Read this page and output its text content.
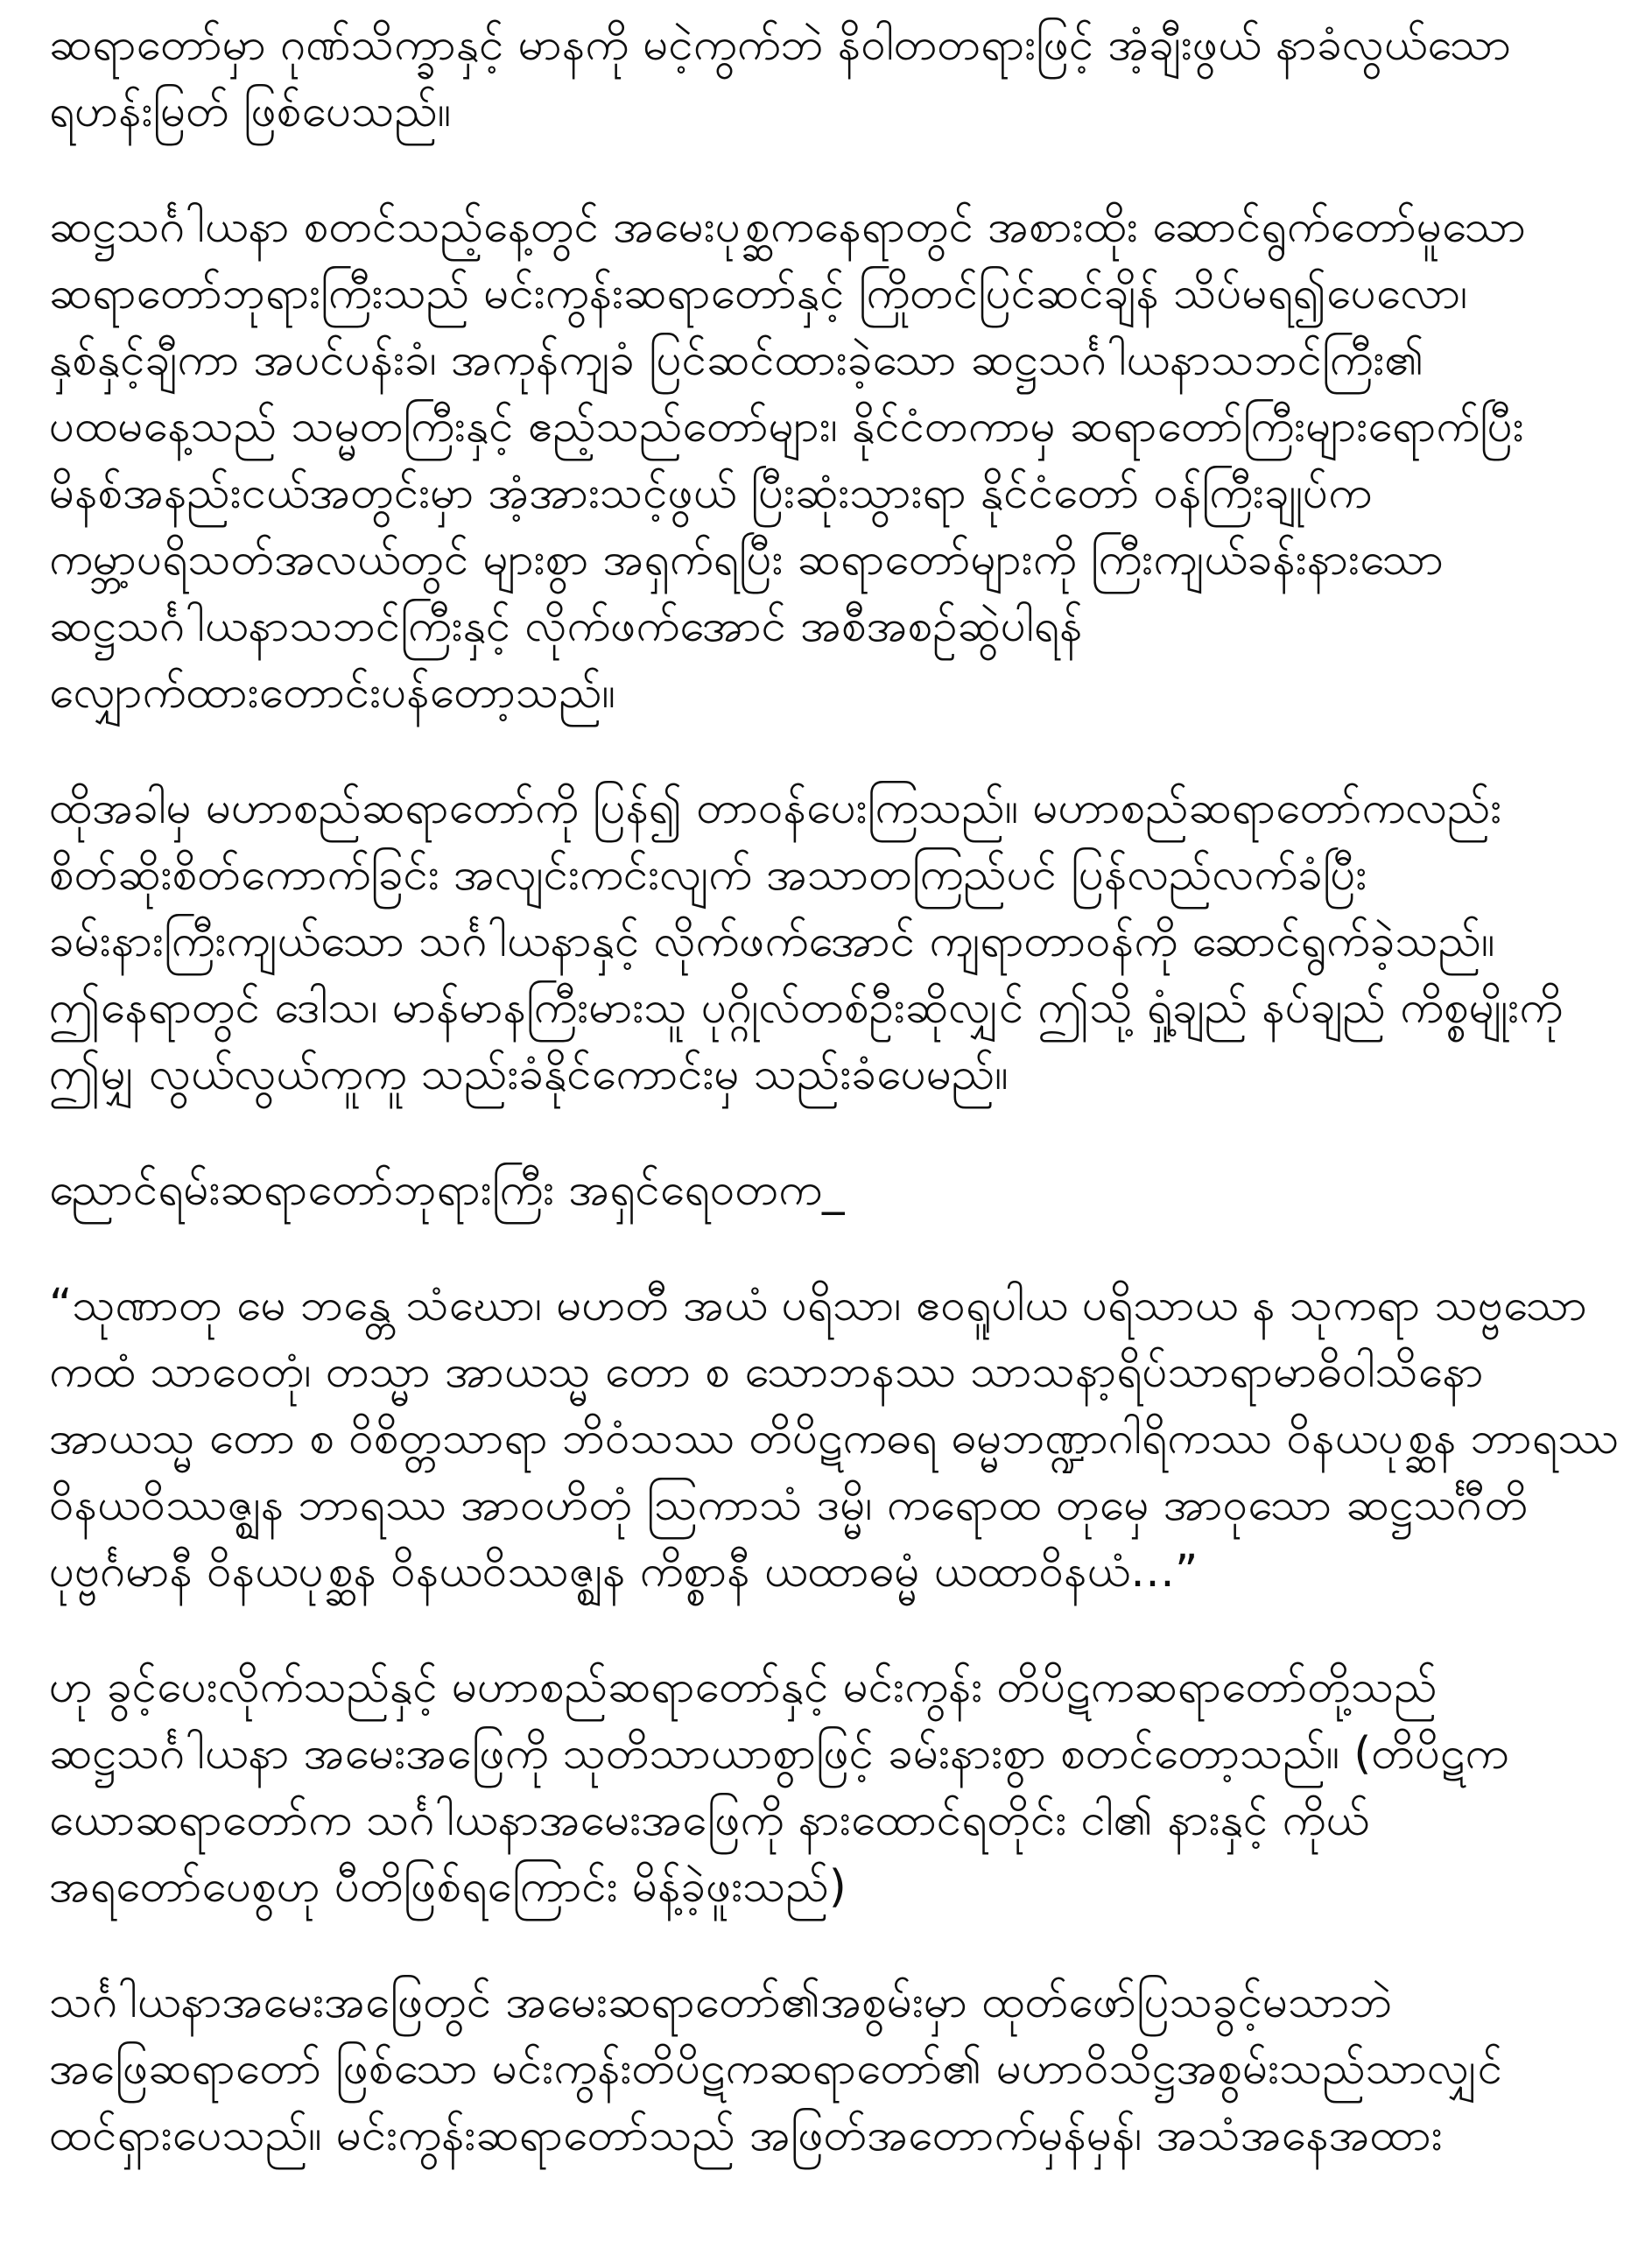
ဆရာတော်မှာ ဂုဏ်သိက္ခာနှင့် မာနကို မငဲ့ကွက်ဘဲ နိဝါတတရားဖြင့် အံ့ချီးဖွယ် နာခံလွယ်သော
ရဟန်းမြတ် ဖြစ်ပေသည်။

ဆဋ္ဌသင်္ဂါယနာ စတင်သည့်နေ့တွင် အမေးပုစ္ဆကနေရာတွင် အစားထိုး ဆောင်ရွက်တော်မူသော
ဆရာတော်ဘုရားကြီးသည် မင်းကွန်းဆရာတော်နှင့် ကြိုတင်ပြင်ဆင်ချိန် သိပ်မရ၍ပေလော၊
နှစ်နှင့်ချီကာ အပင်ပန်းခံ၊ အကုန်ကျခံ ပြင်ဆင်ထားခဲ့သော ဆဋ္ဌသင်္ဂါယနာသဘင်ကြီး၏
ပထမနေ့သည် သမ္မတကြီးနှင့် ဧည့်သည်တော်များ၊ နိုင်ငံတကာမှ ဆရာတော်ကြီးများရောက်ပြီး
မိနစ်အနည်းငယ်အတွင်းမှာ အံ့အားသင့်ဖွယ် ပြီးဆုံးသွားရာ နိုင်ငံတော် ဝန်ကြီးချုပ်က
ကမ္ဘာ့ပရိသတ်အလယ်တွင် များစွာ အရှက်ရပြီး ဆရာတော်များကို ကြီးကျယ်ခန်းနားသော
ဆဋ္ဌသင်္ဂါယနာသဘင်ကြီးနှင့် လိုက်ဖက်အောင် အစီအစဉ်ဆွဲပါရန်
လျှောက်ထားတောင်းပန်တော့သည်။

ထိုအခါမှ မဟာစည်ဆရာတော်ကို ပြန်၍ တာဝန်ပေးကြသည်။ မဟာစည်ဆရာတော်ကလည်း
စိတ်ဆိုးစိတ်ကောက်ခြင်း အလျင်းကင်းလျက် အသာတကြည်ပင် ပြန်လည်လက်ခံပြီး
ခမ်းနားကြီးကျယ်သော သင်္ဂါယနာနှင့် လိုက်ဖက်အောင် ကျရာတာဝန်ကို ဆောင်ရွက်ခဲ့သည်။
ဤနေရာတွင် ဒေါသ၊ မာန်မာနကြီးမားသူ ပုဂ္ဂိုလ်တစ်ဦးဆိုလျှင် ဤသို့ ရှုံ့ချည် နပ်ချည် ကိစ္စမျိုးကို
ဤမျှ လွယ်လွယ်ကူကူ သည်းခံနိုင်ကောင်းမှ သည်းခံပေမည်။

ညောင်ရမ်းဆရာတော်ဘုရားကြီး အရှင်ရေဝတက_

“သုဏာတု မေ ဘန္တေ သံဃော၊ မဟတီ အယံ ပရိသာ၊ ဧဝရူပါယ ပရိသာယ န သုကရာ သဗ္ဗသော
ကထံ သာဝေတုံ၊ တသ္မာ အာယသ္မ တော စ သောဘနဿ သာသနာ့ရိပ်သာရာမာဓိဝါသိနော
အာယသ္မ တော စ ဝိစိတ္တသာရာ ဘိဝံသဿ တိပိဋကဓရ ဓမ္မဘဏ္ဍာဂါရိကဿ ဝိနယပုစ္ဆန ဘာရဿ
ဝိနယဝိဿဇ္ဈန ဘာရဿ အာဝဟိတုံ ဩကာသံ ဒမ္မိ၊ ကရောထ တုမှေ အာဝုသော ဆဋ္ဌသင်္ဂီတိ
ပုဗ္ဗင်္ဂမာနီ ဝိနယပုစ္ဆန ဝိနယဝိဿဇ္ဈန ကိစ္စာနီ ယထာဓမ္မံ ယထာဝိနယံ…”

ဟု ခွင့်ပေးလိုက်သည်နှင့် မဟာစည်ဆရာတော်နှင့် မင်းကွန်း တိပိဋကဆရာတော်တို့သည်
ဆဋ္ဌသင်္ဂါယနာ အမေးအဖြေကို သုတိသာယာစွာဖြင့် ခမ်းနားစွာ စတင်တော့သည်။ (တိပိဋက
ယောဆရာတော်က သင်္ဂါယနာအမေးအဖြေကို နားထောင်ရတိုင်း ငါ၏ နားနှင့် ကိုယ်
အရတော်ပေစွဟု ပီတိဖြစ်ရကြောင်း မိန့်ခဲ့ဖူးသည်)

သင်္ဂါယနာအမေးအဖြေတွင် အမေးဆရာတော်၏အစွမ်းမှာ ထုတ်ဖော်ပြသခွင့်မသာဘဲ
အဖြေဆရာတော် ဖြစ်သော မင်းကွန်းတိပိဋကဆရာတော်၏ မဟာဝိသိဋ္ဌအစွမ်းသည်သာလျှင်
ထင်ရှားပေသည်။ မင်းကွန်းဆရာတော်သည် အဖြတ်အတောက်မှန်မှန်၊ အသံအနေအထား
